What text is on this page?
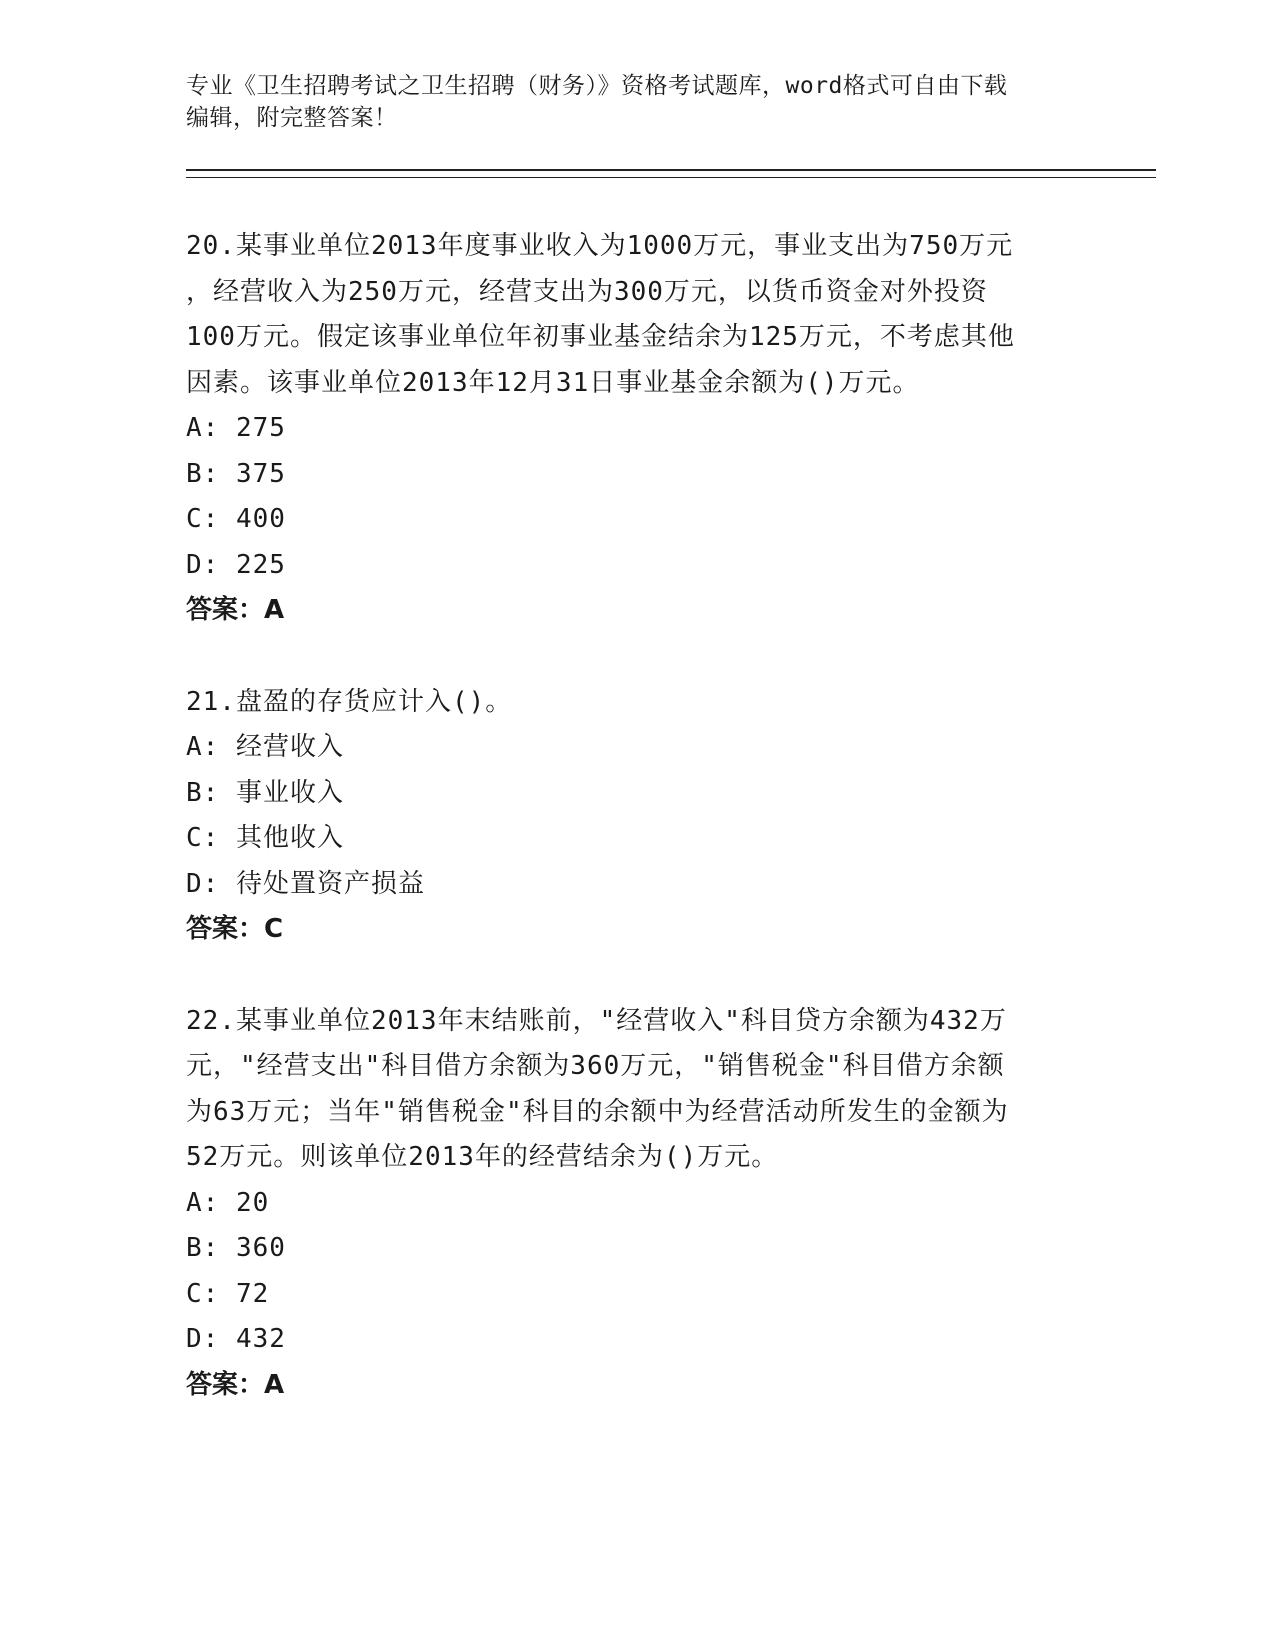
专业《卫生招聘考试之卫生招聘（财务）》资格考试题库，word格式可自由下载
编辑，附完整答案！

20.某事业单位2013年度事业收入为1000万元，事业支出为750万元
，经营收入为250万元，经营支出为300万元，以货币资金对外投资
100万元。假定该事业单位年初事业基金结余为125万元，不考虑其他
因素。该事业单位2013年12月31日事业基金余额为()万元。

A: 275

B: 375

C: 400

D: 225

答案：A

21.盘盈的存货应计入()。

A: 经营收入

B: 事业收入

C: 其他收入

D: 待处置资产损益

答案：C

22.某事业单位2013年末结账前，"经营收入"科目贷方余额为432万
元，"经营支出"科目借方余额为360万元，"销售税金"科目借方余额
为63万元；当年"销售税金"科目的余额中为经营活动所发生的金额为
52万元。则该单位2013年的经营结余为()万元。

A: 20

B: 360

C: 72

D: 432

答案：A
